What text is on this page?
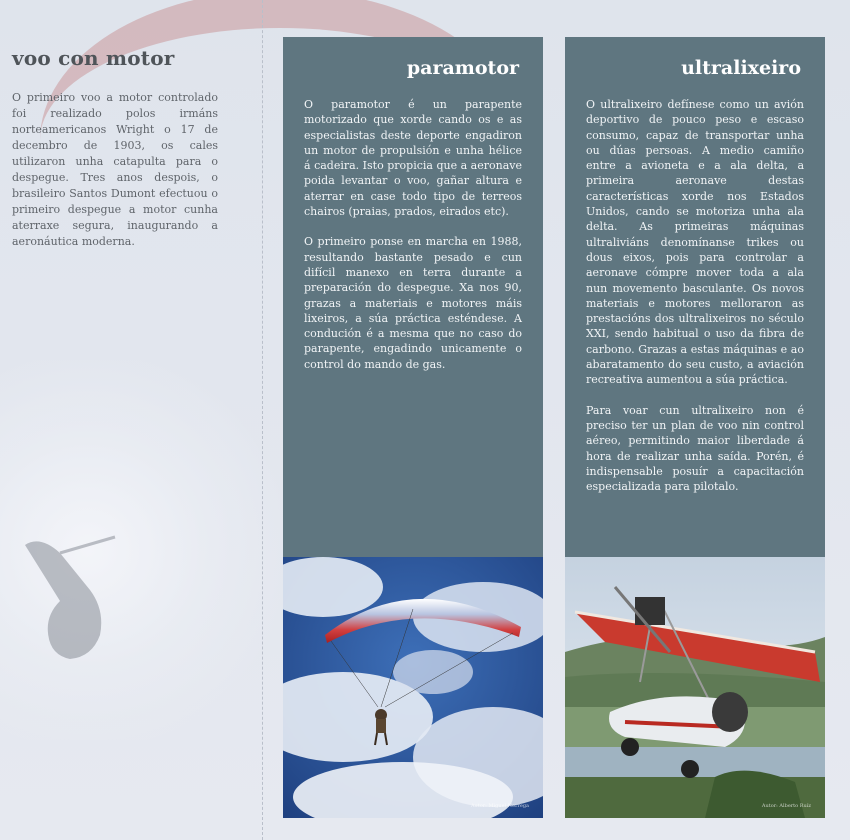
voo con motor

O primeiro voo a motor controlado foi realizado polos irmáns norteamericanos Wright o 17 de decembro de 1903, os cales utilizaron unha catapulta para o despegue. Tres anos despois, o brasileiro Santos Dumont efectuou o primeiro despegue a motor cunha aterraxe segura, inaugurando a aeronáutica moderna.

paramotor

O paramotor é un parapente motorizado que xorde cando os e as especialistas deste deporte engadiron un motor de propulsión e unha hélice á cadeira. Isto propicia que a aeronave poida levantar o voo, gañar altura e aterrar en case todo tipo de terreos chairos (praias, prados, eirados etc).

O primeiro ponse en marcha en 1988, resultando bastante pesado e cun difícil manexo en terra durante a preparación do despegue. Xa nos 90, grazas a materiais e motores máis lixeiros, a súa práctica esténdese. A condución é a mesma que no caso do parapente, engadindo unicamente o control do mando de gas.

Autor: Miguel Nerrega
ultralixeiro

O ultralixeiro defínese como un avión deportivo de pouco peso e escaso consumo, capaz de transportar unha ou dúas persoas. A medio camiño entre a avioneta e a ala delta, a primeira aeronave destas características xorde nos Estados Unidos, cando se motoriza unha ala delta. As primeiras máquinas ultraliviáns denomínanse trikes ou dous eixos, pois para controlar a aeronave cómpre mover toda a ala nun movemento basculante. Os novos materiais e motores melloraron as prestacións dos ultralixeiros no século XXI, sendo habitual o uso da fibra de carbono. Grazas a estas máquinas e ao abaratamento do seu custo, a aviación recreativa aumentou a súa práctica.

Para voar cun ultralixeiro non é preciso ter un plan de voo nin control aéreo, permitindo maior liberdade á hora de realizar unha saída. Porén, é indispensable posuír a capacitación especializada para pilotalo.

Autor: Alberto Ruíz
